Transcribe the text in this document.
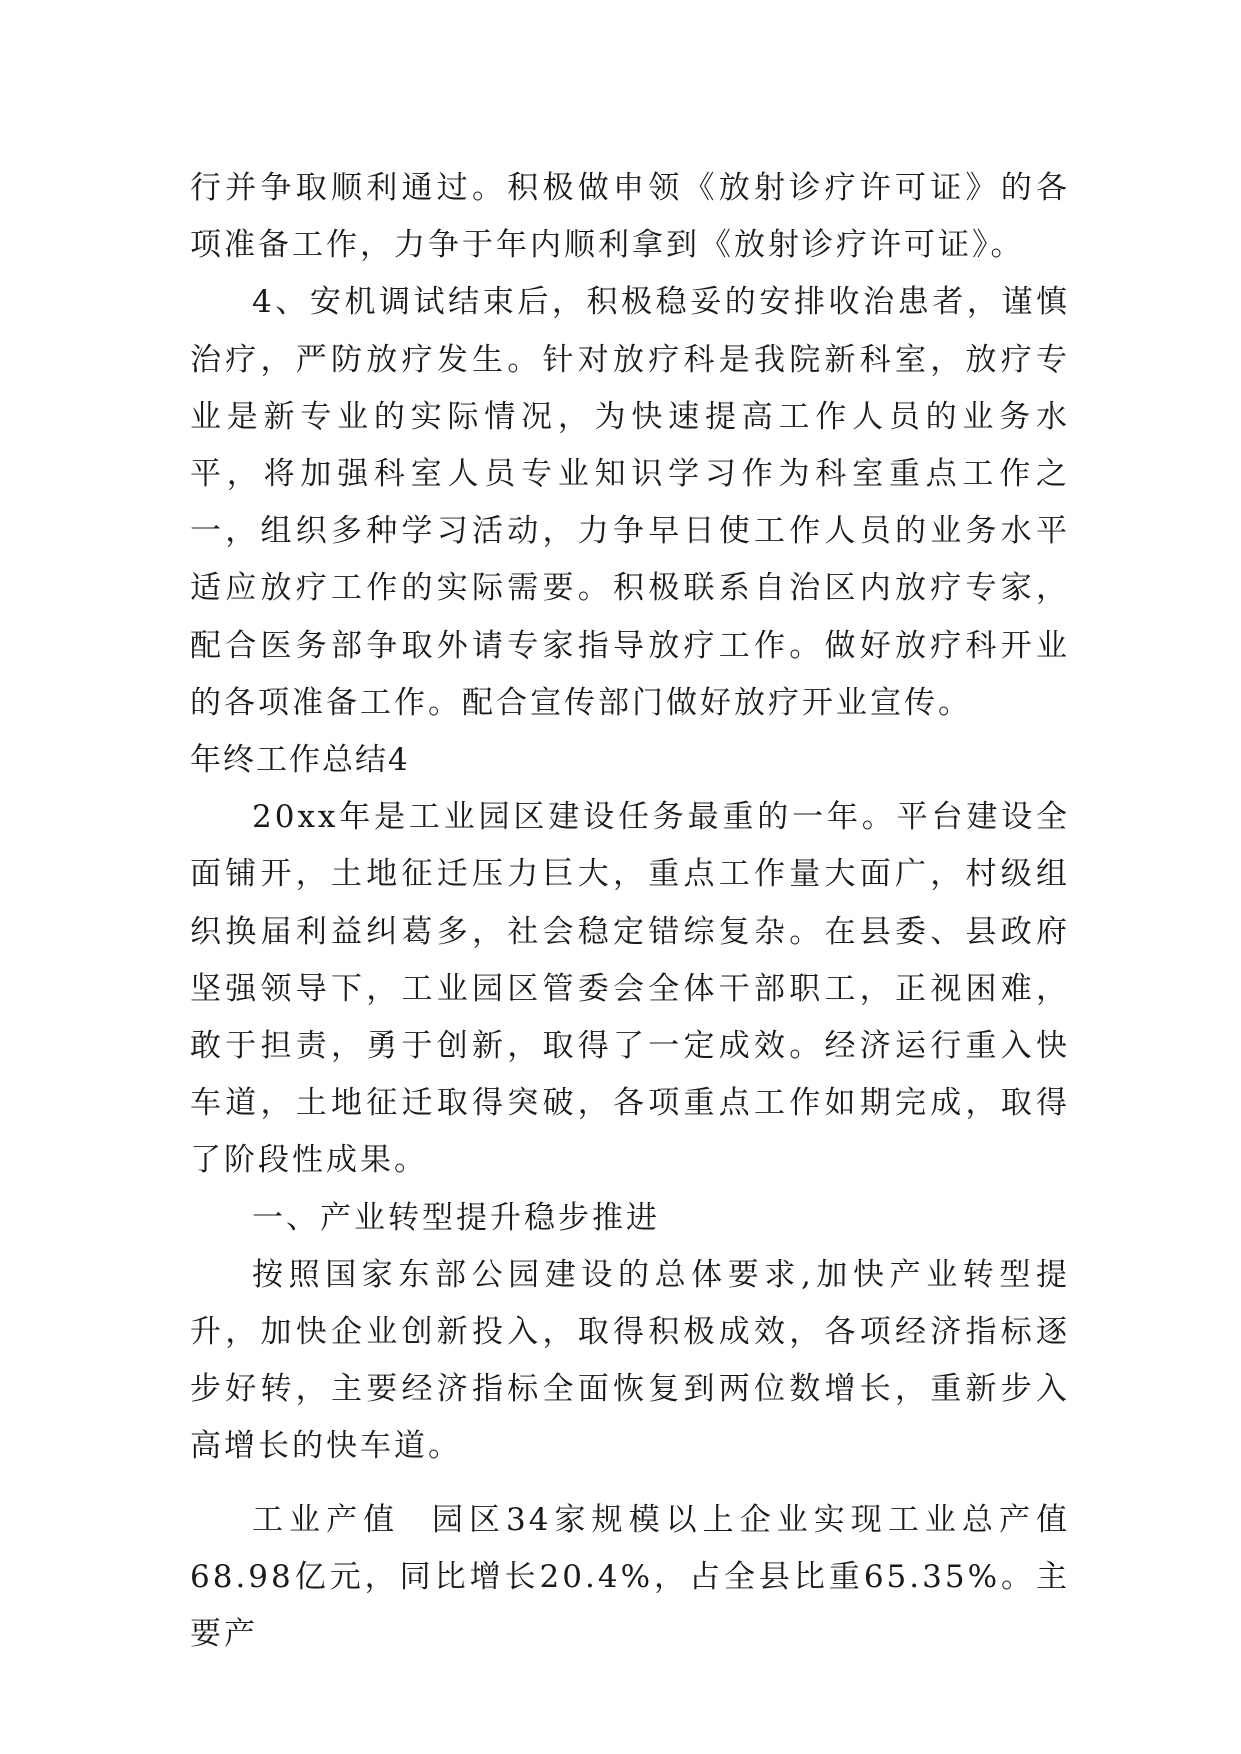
行并争取顺利通过。积极做申领《放射诊疗许可证》的各项准备工作，力争于年内顺利拿到《放射诊疗许可证》。

4、安机调试结束后，积极稳妥的安排收治患者，谨慎治疗，严防放疗发生。针对放疗科是我院新科室，放疗专业是新专业的实际情况，为快速提高工作人员的业务水平，将加强科室人员专业知识学习作为科室重点工作之一，组织多种学习活动，力争早日使工作人员的业务水平适应放疗工作的实际需要。积极联系自治区内放疗专家，配合医务部争取外请专家指导放疗工作。做好放疗科开业的各项准备工作。配合宣传部门做好放疗开业宣传。

年终工作总结4

20xx年是工业园区建设任务最重的一年。平台建设全面铺开，土地征迁压力巨大，重点工作量大面广，村级组织换届利益纠葛多，社会稳定错综复杂。在县委、县政府坚强领导下，工业园区管委会全体干部职工，正视困难，敢于担责，勇于创新，取得了一定成效。经济运行重入快车道，土地征迁取得突破，各项重点工作如期完成，取得了阶段性成果。

一、产业转型提升稳步推进

按照国家东部公园建设的总体要求,加快产业转型提升，加快企业创新投入，取得积极成效，各项经济指标逐步好转，主要经济指标全面恢复到两位数增长，重新步入高增长的快车道。

工业产值 园区34家规模以上企业实现工业总产值68.98亿元，同比增长20.4%，占全县比重65.35%。主要产
